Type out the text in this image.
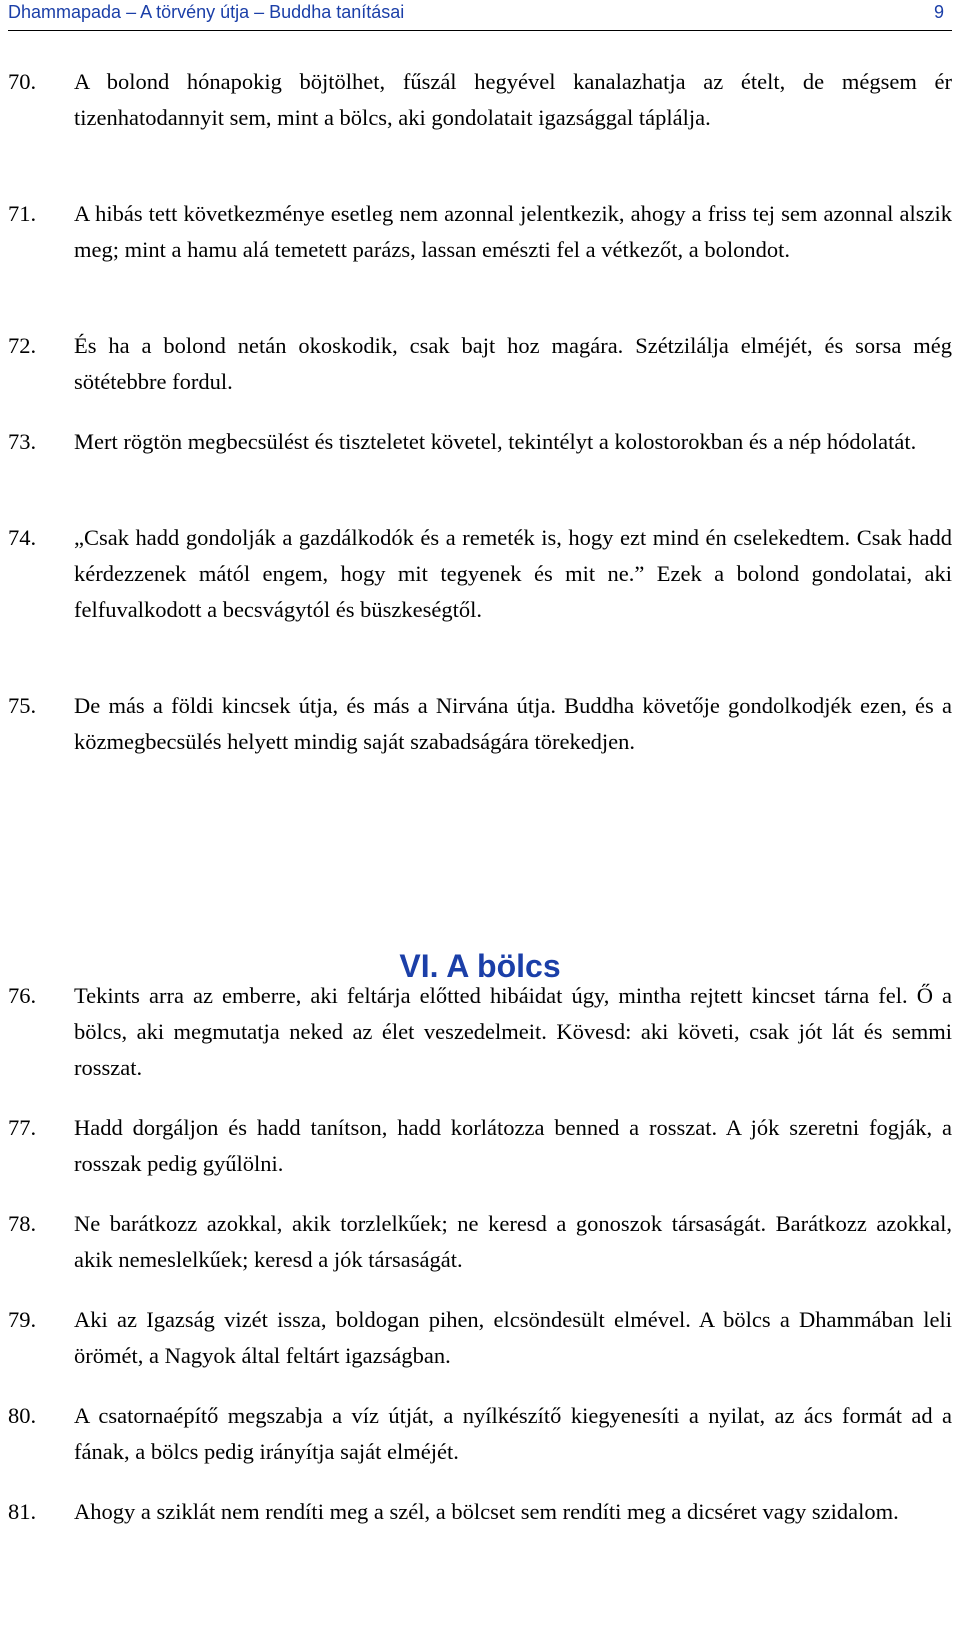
Dhammapada – A törvény útja – Buddha tanításai	9
70. A bolond hónapokig böjtölhet, fűszál hegyével kanalazhatja az ételt, de mégsem ér tizenhatodannyit sem, mint a bölcs, aki gondolatait igazsággal táplálja.
71. A hibás tett következménye esetleg nem azonnal jelentkezik, ahogy a friss tej sem azonnal alszik meg; mint a hamu alá temetett parázs, lassan emészti fel a vétkezőt, a bolondot.
72. És ha a bolond netán okoskodik, csak bajt hoz magára. Szétzilálja elméjét, és sorsa még sötétebbre fordul.
73. Mert rögtön megbecsülést és tiszteletet követel, tekintélyt a kolostorokban és a nép hódolatát.
74. „Csak hadd gondolják a gazdálkodók és a remeték is, hogy ezt mind én cselekedtem. Csak hadd kérdezzenek mától engem, hogy mit tegyenek és mit ne.” Ezek a bolond gondolatai, aki felfuvalkodott a becsvágytól és büszkeségtől.
75. De más a földi kincsek útja, és más a Nirvána útja. Buddha követője gondolkodjék ezen, és a közmegbecsülés helyett mindig saját szabadságára törekedjen.
VI. A bölcs
76. Tekints arra az emberre, aki feltárja előtted hibáidat úgy, mintha rejtett kincset tárna fel. Ő a bölcs, aki megmutatja neked az élet veszedelmeit. Kövesd: aki követi, csak jót lát és semmi rosszat.
77. Hadd dorgáljon és hadd tanítson, hadd korlátozza benned a rosszat. A jók szeretni fogják, a rosszak pedig gyűlölni.
78. Ne barátkozz azokkal, akik torzlelkűek; ne keresd a gonoszok társaságát. Barátkozz azokkal, akik nemeslelkűek; keresd a jók társaságát.
79. Aki az Igazság vizét issza, boldogan pihen, elcsöndesült elmével. A bölcs a Dhammában leli örömét, a Nagyok által feltárt igazságban.
80. A csatornaépítő megszabja a víz útját, a nyílkészítő kiegyenesíti a nyilat, az ács formát ad a fának, a bölcs pedig irányítja saját elméjét.
81. Ahogy a sziklát nem rendíti meg a szél, a bölcset sem rendíti meg a dicséret vagy szidalom.
